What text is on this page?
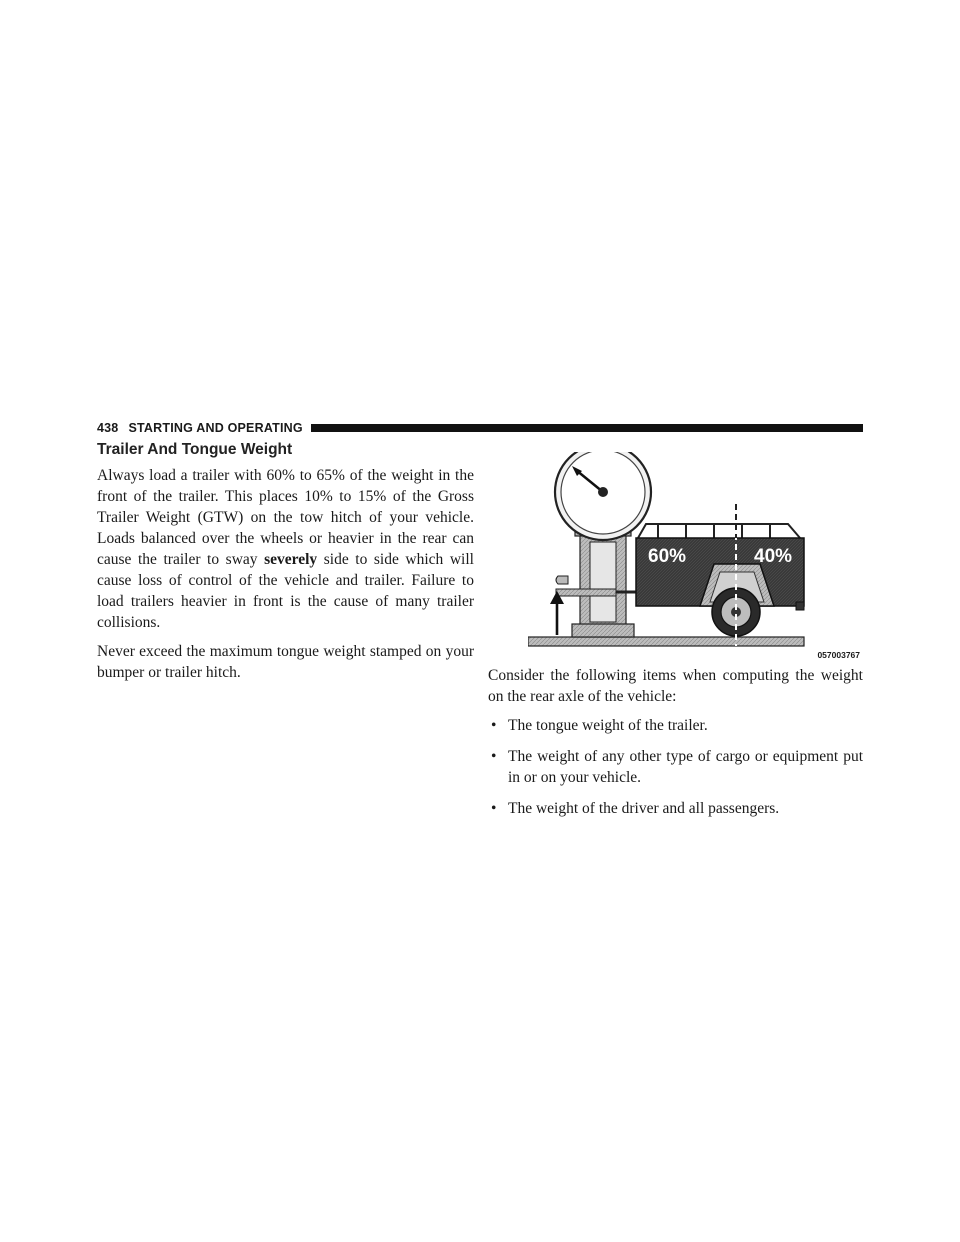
438 STARTING AND OPERATING
Trailer And Tongue Weight

Always load a trailer with 60% to 65% of the weight in the front of the trailer. This places 10% to 15% of the Gross Trailer Weight (GTW) on the tow hitch of your vehicle. Loads balanced over the wheels or heavier in the rear can cause the trailer to sway severely side to side which will cause loss of control of the vehicle and trailer. Failure to load trailers heavier in front is the cause of many trailer collisions.

Never exceed the maximum tongue weight stamped on your bumper or trailer hitch.

60%	40%
057003767

Consider the following items when computing the weight on the rear axle of the vehicle:

• The tongue weight of the trailer.
• The weight of any other type of cargo or equipment put in or on your vehicle.
• The weight of the driver and all passengers.
